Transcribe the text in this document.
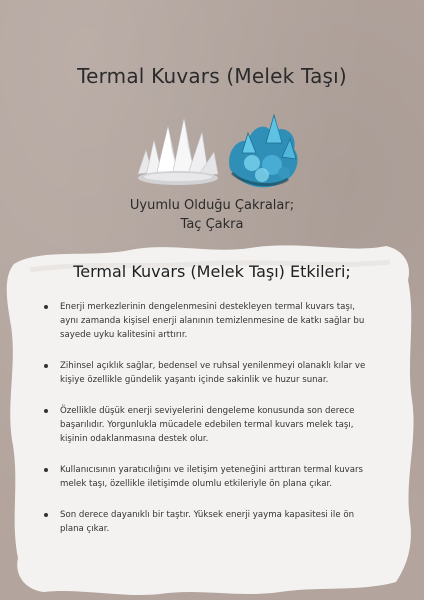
Termal Kuvars (Melek Taşı)
Uyumlu Olduğu Çakralar;
Taç Çakra
Termal Kuvars (Melek Taşı) Etkileri;
Enerji merkezlerinin dengelenmesini destekleyen termal kuvars taşı, aynı zamanda kişisel enerji alanının temizlenmesine de katkı sağlar bu sayede uyku kalitesini arttırır.
Zihinsel açıklık sağlar, bedensel ve ruhsal yenilenmeyi olanaklı kılar ve kişiye özellikle gündelik yaşantı içinde sakinlik ve huzur sunar.
Özellikle düşük enerji seviyelerini dengeleme konusunda son derece başarılıdır. Yorgunlukla mücadele edebilen termal kuvars melek taşı, kişinin odaklanmasına destek olur.
Kullanıcısının yaratıcılığını ve iletişim yeteneğini arttıran termal kuvars melek taşı, özellikle iletişimde olumlu etkileriyle ön plana çıkar.
Son derece dayanıklı bir taştır. Yüksek enerji yayma kapasitesi ile ön plana çıkar.
